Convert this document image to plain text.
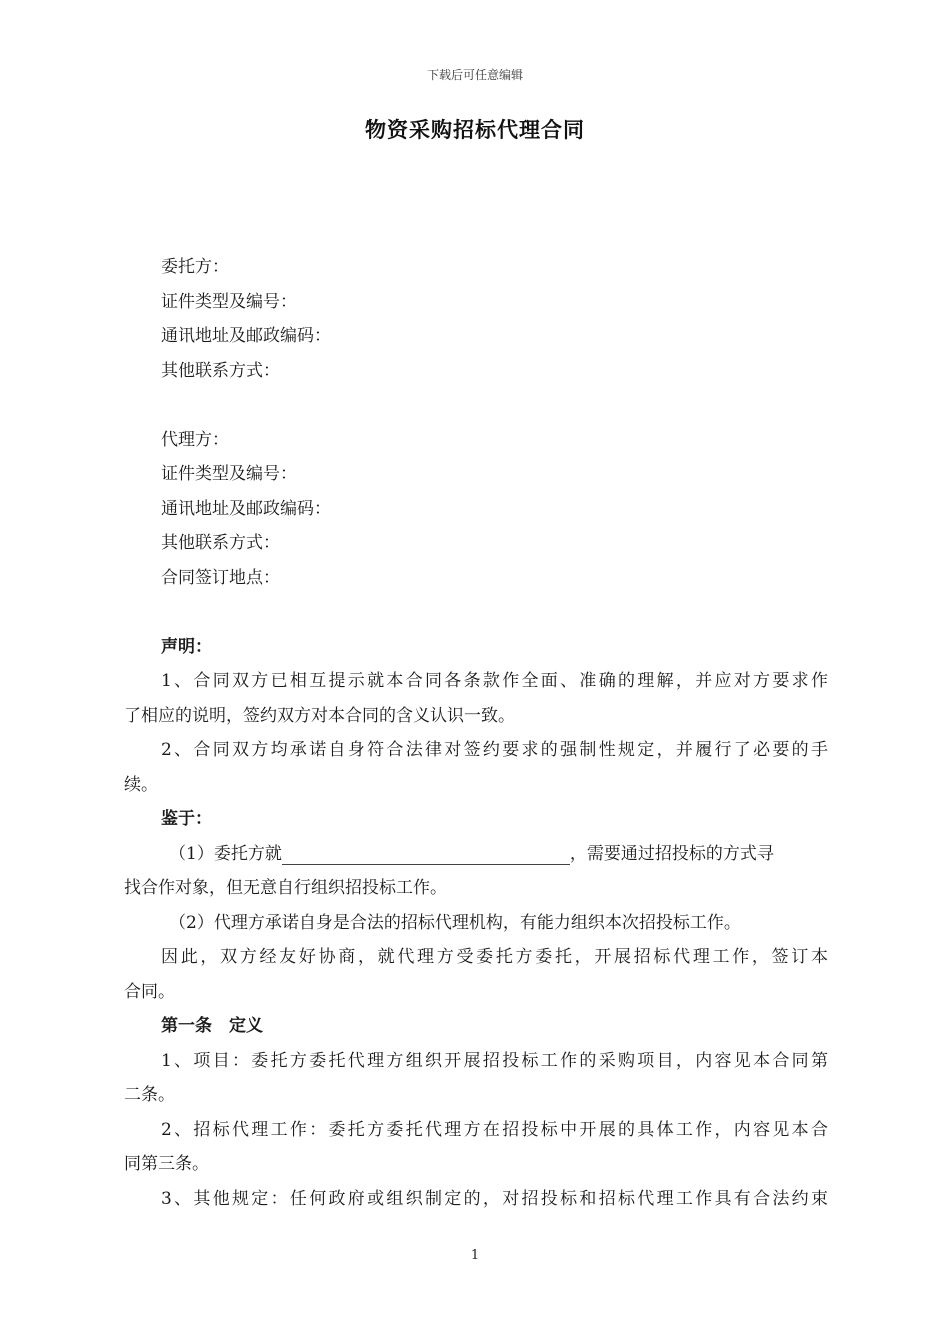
下载后可任意编辑
物资采购招标代理合同
委托方：
证件类型及编号：
通讯地址及邮政编码：
其他联系方式：
代理方：
证件类型及编号：
通讯地址及邮政编码：
其他联系方式：
合同签订地点：
声明：
1、合同双方已相互提示就本合同各条款作全面、准确的理解，并应对方要求作
了相应的说明，签约双方对本合同的含义认识一致。
2、合同双方均承诺自身符合法律对签约要求的强制性规定，并履行了必要的手
续。
鉴于：
（1）委托方就	，需要通过招投标的方式寻
找合作对象，但无意自行组织招投标工作。
（2）代理方承诺自身是合法的招标代理机构，有能力组织本次招投标工作。
因此，双方经友好协商，就代理方受委托方委托，开展招标代理工作，签订本
合同。
第一条　定义
1、项目：委托方委托代理方组织开展招投标工作的采购项目，内容见本合同第
二条。
2、招标代理工作：委托方委托代理方在招投标中开展的具体工作，内容见本合
同第三条。
3、其他规定：任何政府或组织制定的，对招投标和招标代理工作具有合法约束
1
